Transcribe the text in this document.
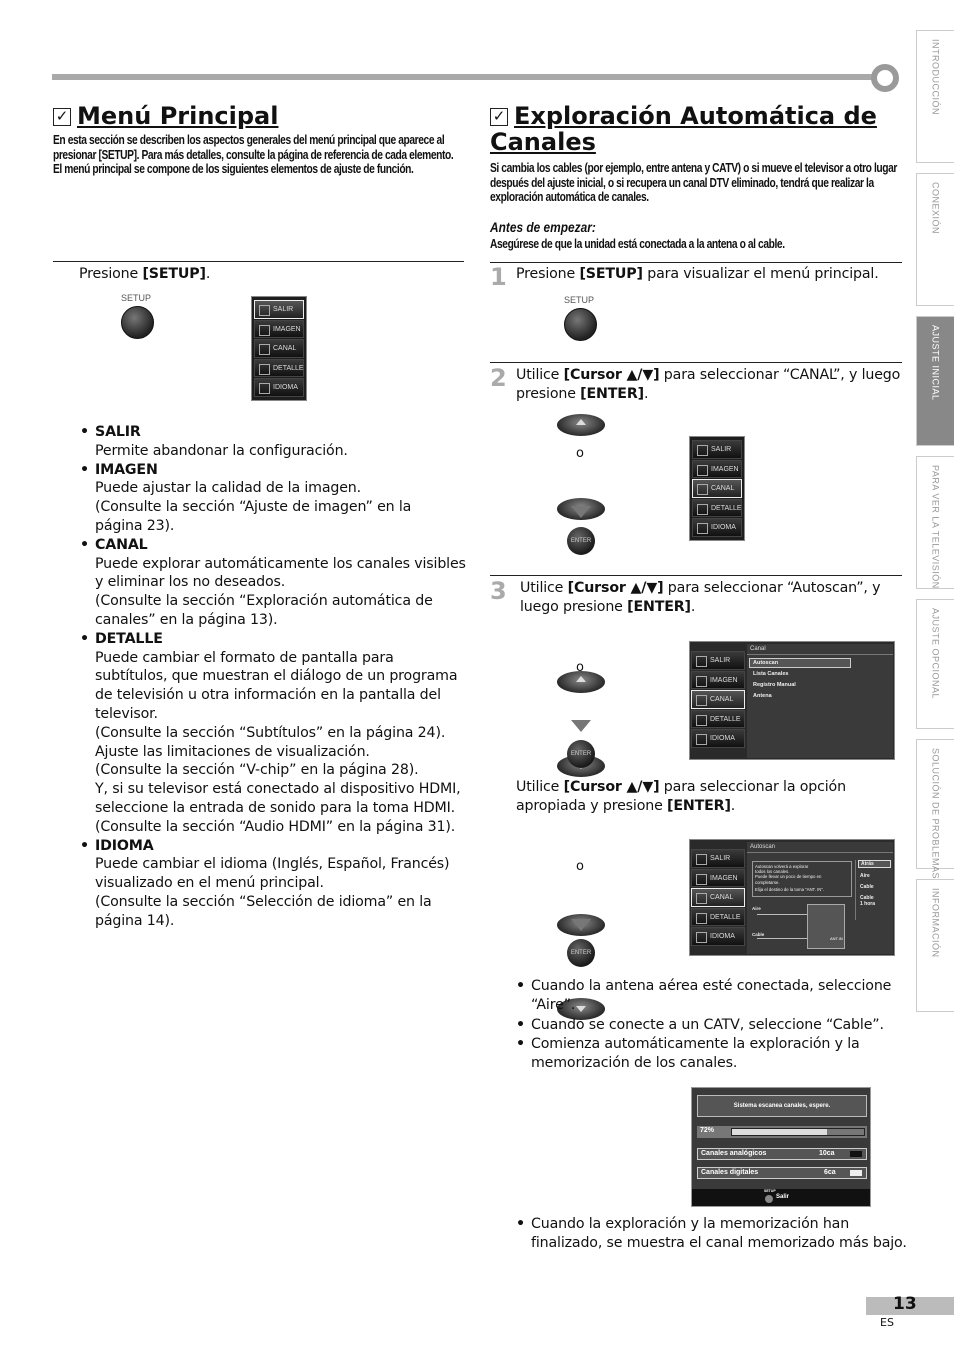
INTRODUCCIÓN
CONEXIÓN
AJUSTE INICIAL
PARA VER LA TELEVISIÓN
AJUSTE OPCIONAL
SOLUCIÓN DE PROBLEMAS
INFORMACIÓN
✓ Menú Principal
En esta sección se describen los aspectos generales del menú principal que aparece al presionar [SETUP]. Para más detalles, consulte la página de referencia de cada elemento.
El menú principal se compone de los siguientes elementos de ajuste de función.
Presione [SETUP].
SETUP
SALIR
IMAGEN
CANAL
DETALLE
IDIOMA
• SALIR
Permite abandonar la configuración.
• IMAGEN
Puede ajustar la calidad de la imagen.
(Consulte la sección “Ajuste de imagen” en la
página 23).
• CANAL
Puede explorar automáticamente los canales visibles
y eliminar los no deseados.
(Consulte la sección “Exploración automática de
canales” en la página 13).
• DETALLE
Puede cambiar el formato de pantalla para
subtítulos, que muestran el diálogo de un programa
de televisión u otra información en la pantalla del
televisor.
(Consulte la sección “Subtítulos” en la página 24).
Ajuste las limitaciones de visualización.
(Consulte la sección “V-chip” en la página 28).
Y, si su televisor está conectado al dispositivo HDMI,
seleccione la entrada de sonido para la toma HDMI.
(Consulte la sección “Audio HDMI” en la página 31).
• IDIOMA
Puede cambiar el idioma (Inglés, Español, Francés)
visualizado en el menú principal.
(Consulte la sección “Selección de idioma” en la
página 14).
✓ Exploración Automática de
Canales
Si cambia los cables (por ejemplo, entre antena y CATV) o si mueve el televisor a otro lugar después del ajuste inicial, o si recupera un canal DTV eliminado, tendrá que realizar la exploración automática de canales.
Antes de empezar:
Asegúrese de que la unidad está conectada a la antena o al cable.
1 Presione [SETUP] para visualizar el menú principal.
SETUP
2 Utilice [Cursor ▲/▼] para seleccionar “CANAL”, y luego
presione [ENTER].
o
ENTER
SALIR
IMAGEN
CANAL
DETALLE
IDIOMA
3 Utilice [Cursor ▲/▼] para seleccionar “Autoscan”, y
luego presione [ENTER].
o
ENTER
SALIR
IMAGEN
CANAL
DETALLE
IDIOMA
Canal
Autoscan
Lista Canales
Registro Manual
Antena
Utilice [Cursor ▲/▼] para seleccionar la opción
apropiada y presione [ENTER].
o
ENTER
SALIR
IMAGEN
CANAL
DETALLE
IDIOMA
Autoscan
Autoscan volverá a explorar
todos los canales.
Puede llevar un poco de tiempo en
completarse.
Elija el destino de la toma “ANT. IN”.
Atrás
Aire
Cable
Cable
1 hora
Aire
Cable
ANT.IN
• Cuando la antena aérea esté conectada, seleccione
“Aire”.
• Cuando se conecte a un CATV, seleccione “Cable”.
• Comienza automáticamente la exploración y la
memorización de los canales.
Sistema escanea canales, espere.
72%
Canales analógicos	10ca
Canales digitales	6ca
SETUP
Salir
• Cuando la exploración y la memorización han
finalizado, se muestra el canal memorizado más bajo.
13
ES
